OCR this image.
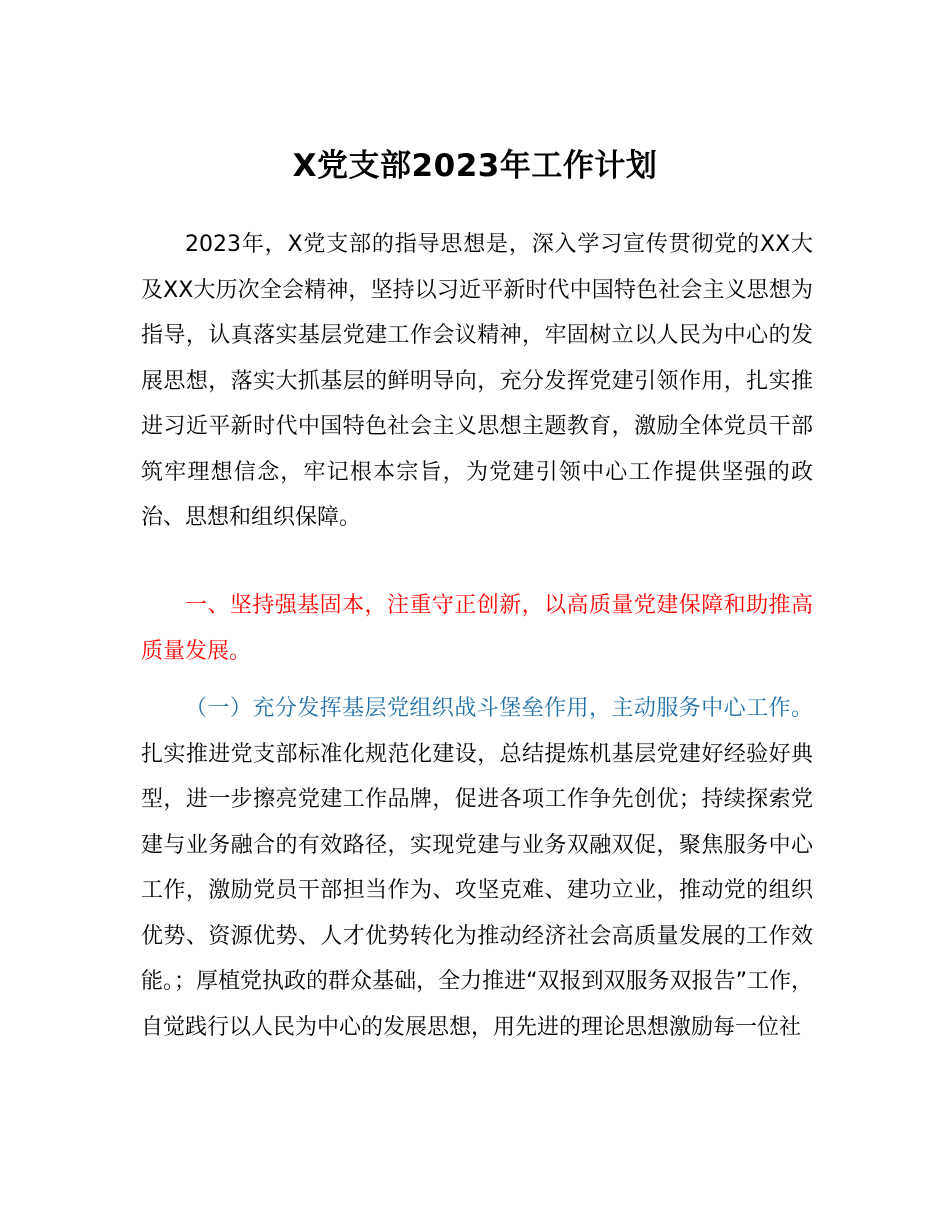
X党支部2023年工作计划

2023年，X党支部的指导思想是，深入学习宣传贯彻党的XX大及XX大历次全会精神，坚持以习近平新时代中国特色社会主义思想为指导，认真落实基层党建工作会议精神，牢固树立以人民为中心的发展思想，落实大抓基层的鲜明导向，充分发挥党建引领作用，扎实推进习近平新时代中国特色社会主义思想主题教育，激励全体党员干部筑牢理想信念，牢记根本宗旨，为党建引领中心工作提供坚强的政治、思想和组织保障。

一、坚持强基固本，注重守正创新，以高质量党建保障和助推高质量发展。

（一）充分发挥基层党组织战斗堡垒作用，主动服务中心工作。扎实推进党支部标准化规范化建设，总结提炼机基层党建好经验好典型，进一步擦亮党建工作品牌，促进各项工作争先创优；持续探索党建与业务融合的有效路径，实现党建与业务双融双促，聚焦服务中心工作，激励党员干部担当作为、攻坚克难、建功立业，推动党的组织优势、资源优势、人才优势转化为推动经济社会高质量发展的工作效能。；厚植党执政的群众基础，全力推进“双报到双服务双报告”工作，自觉践行以人民为中心的发展思想，用先进的理论思想激励每一位社
